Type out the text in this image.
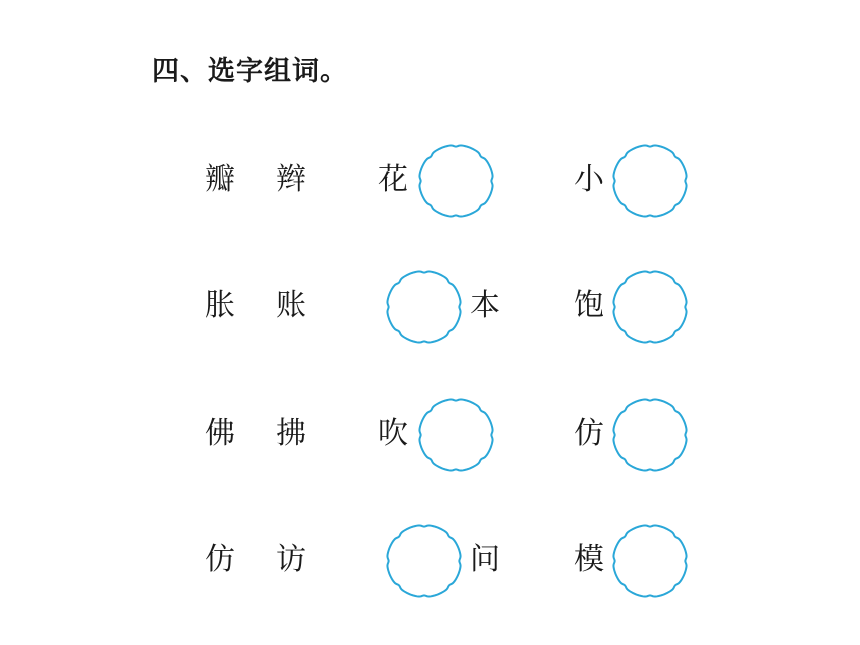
四、选字组词。
瓣 辫 花	小
胀 账	本 饱
佛 拂 吹	仿
仿 访	问 模
